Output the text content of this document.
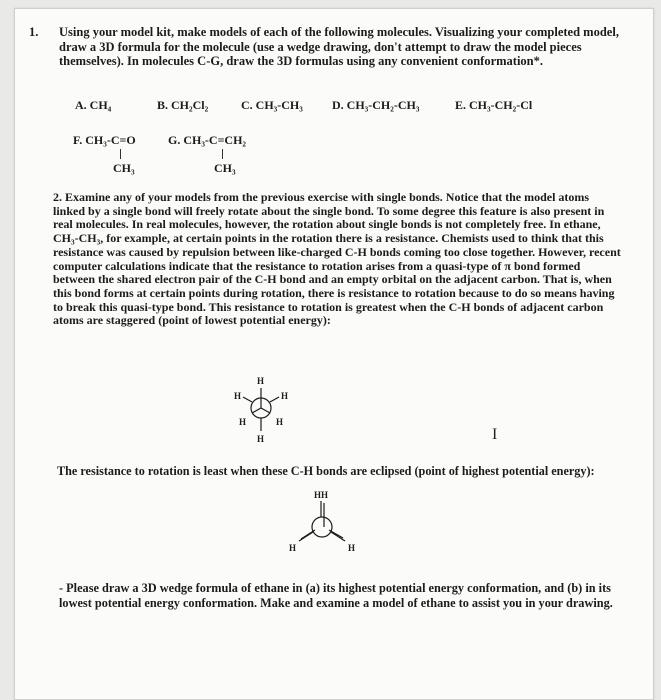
1. Using your model kit, make models of each of the following molecules. Visualizing your completed model, draw a 3D formula for the molecule (use a wedge drawing, don't attempt to draw the model pieces themselves). In molecules C-G, draw the 3D formulas using any convenient conformation*.
A. CH₄	B. CH₂Cl₂	C. CH₃-CH₃ D. CH₃-CH₂-CH₃	E. CH₃-CH₂-Cl
F. CH₃-C=O
CH₃
G. CH₃-C=CH₂
CH₃
2. Examine any of your models from the previous exercise with single bonds. Notice that the model atoms linked by a single bond will freely rotate about the single bond. To some degree this feature is also present in real molecules. In real molecules, however, the rotation about single bonds is not completely free. In ethane, CH₃-CH₃, for example, at certain points in the rotation there is a resistance. Chemists used to think that this resistance was caused by repulsion between like-charged C-H bonds coming too close together. However, recent computer calculations indicate that the resistance to rotation arises from a quasi-type of π bond formed between the shared electron pair of the C-H bond and an empty orbital on the adjacent carbon. That is, when this bond forms at certain points during rotation, there is resistance to rotation because to do so means having to break this quasi-type bond. This resistance to rotation is greatest when the C-H bonds of adjacent carbon atoms are staggered (point of lowest potential energy):
H
H	H
H	H
H	I
The resistance to rotation is least when these C-H bonds are eclipsed (point of highest potential energy):
HH
H	H
- Please draw a 3D wedge formula of ethane in (a) its highest potential energy conformation, and (b) in its lowest potential energy conformation. Make and examine a model of ethane to assist you in your drawing.
